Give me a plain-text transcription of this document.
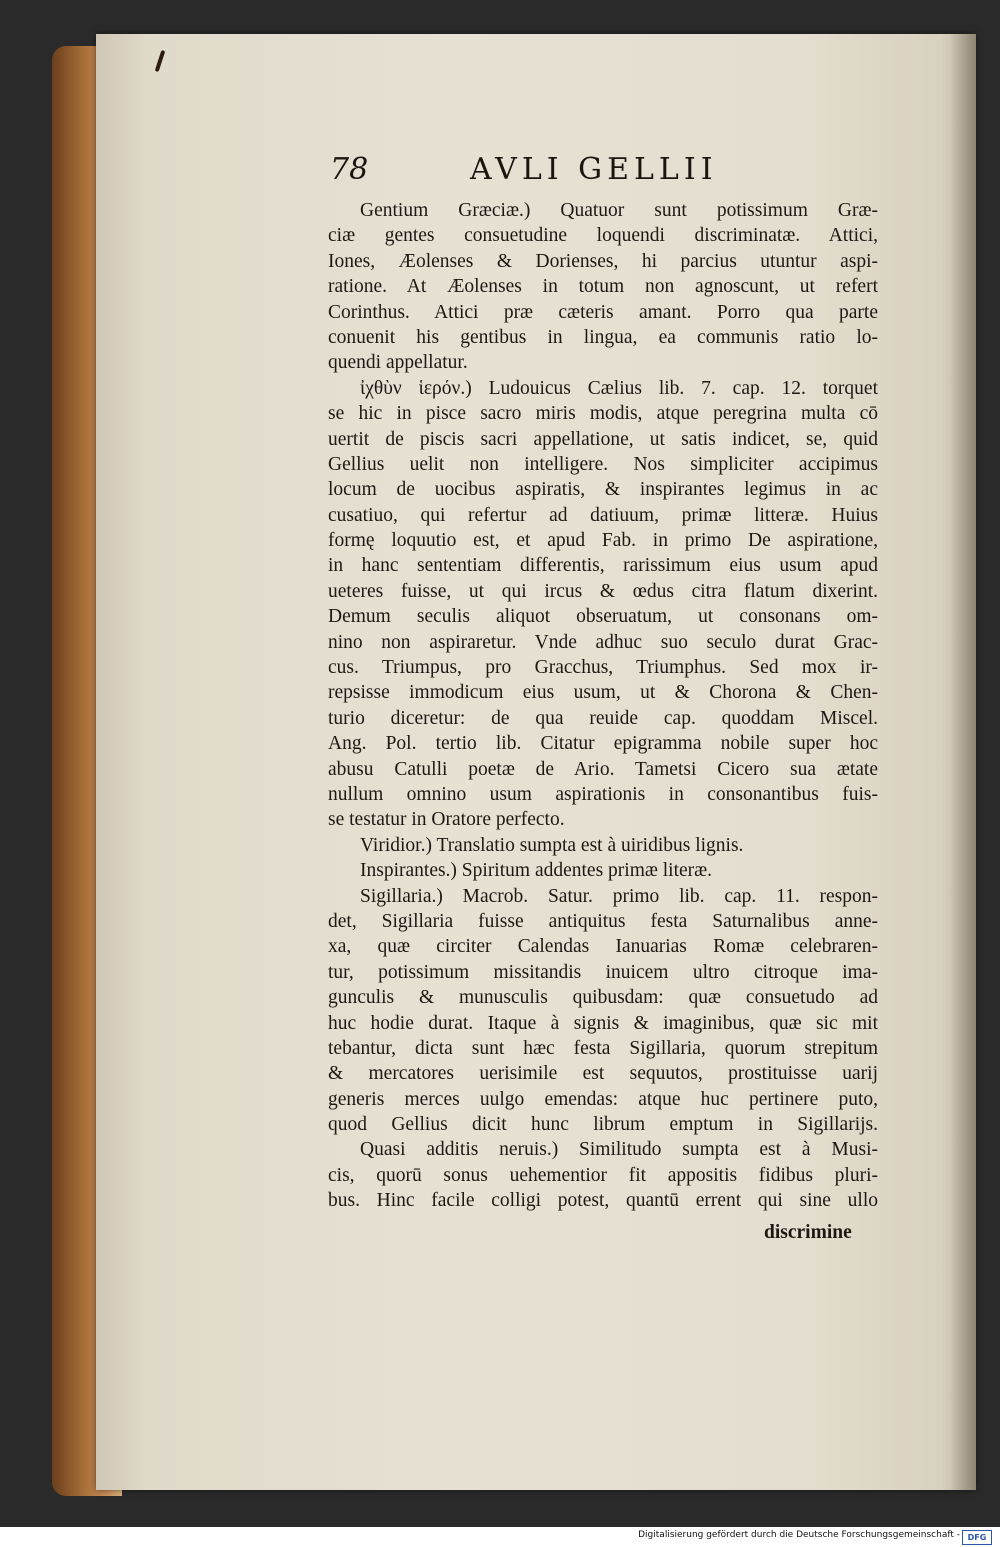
78	AVLI GELLII
Gentium Græciæ.) Quatuor sunt potissimum Græ-
ciæ gentes consuetudine loquendi discriminatæ. Attici,
Iones, Æolenses & Dorienses, hi parcius utuntur aspi-
ratione. At Æolenses in totum non agnoscunt, ut refert
Corinthus. Attici præ cæteris amant. Porro qua parte
conuenit his gentibus in lingua, ea communis ratio lo-
quendi appellatur.
ἰχθὺν ἱερόν.) Ludouicus Cælius lib. 7. cap. 12. torquet
se hic in pisce sacro miris modis, atque peregrina multa cō
uertit de piscis sacri appellatione, ut satis indicet, se, quid
Gellius uelit non intelligere. Nos simpliciter accipimus
locum de uocibus aspiratis, & inspirantes legimus in ac
cusatiuo, qui refertur ad datiuum, primæ litteræ. Huius
formę loquutio est, et apud Fab. in primo De aspiratione,
in hanc sententiam differentis, rarissimum eius usum apud
ueteres fuisse, ut qui ircus & œdus citra flatum dixerint.
Demum seculis aliquot obseruatum, ut consonans om-
nino non aspiraretur. Vnde adhuc suo seculo durat Grac-
cus. Triumpus, pro Gracchus, Triumphus. Sed mox ir-
repsisse immodicum eius usum, ut & Chorona & Chen-
turio diceretur: de qua reuide cap. quoddam Miscel.
Ang. Pol. tertio lib. Citatur epigramma nobile super hoc
abusu Catulli poetæ de Ario. Tametsi Cicero sua ætate
nullum omnino usum aspirationis in consonantibus fuis-
se testatur in Oratore perfecto.
Viridior.) Translatio sumpta est à uiridibus lignis.
Inspirantes.) Spiritum addentes primæ literæ.
Sigillaria.) Macrob. Satur. primo lib. cap. 11. respon-
det, Sigillaria fuisse antiquitus festa Saturnalibus anne-
xa, quæ circiter Calendas Ianuarias Romæ celebraren-
tur, potissimum missitandis inuicem ultro citroque ima-
gunculis & munusculis quibusdam: quæ consuetudo ad
huc hodie durat. Itaque à signis & imaginibus, quæ sic mit
tebantur, dicta sunt hæc festa Sigillaria, quorum strepitum
& mercatores uerisimile est sequutos, prostituisse uarij
generis merces uulgo emendas: atque huc pertinere puto,
quod Gellius dicit hunc librum emptum in Sigillarijs.
Quasi additis neruis.) Similitudo sumpta est à Musi-
cis, quorū sonus uehementior fit appositis fidibus pluri-
bus. Hinc facile colligi potest, quantū errent qui sine ullo
discrimine
Digitalisierung gefördert durch die Deutsche Forschungsgemeinschaft - DFG
